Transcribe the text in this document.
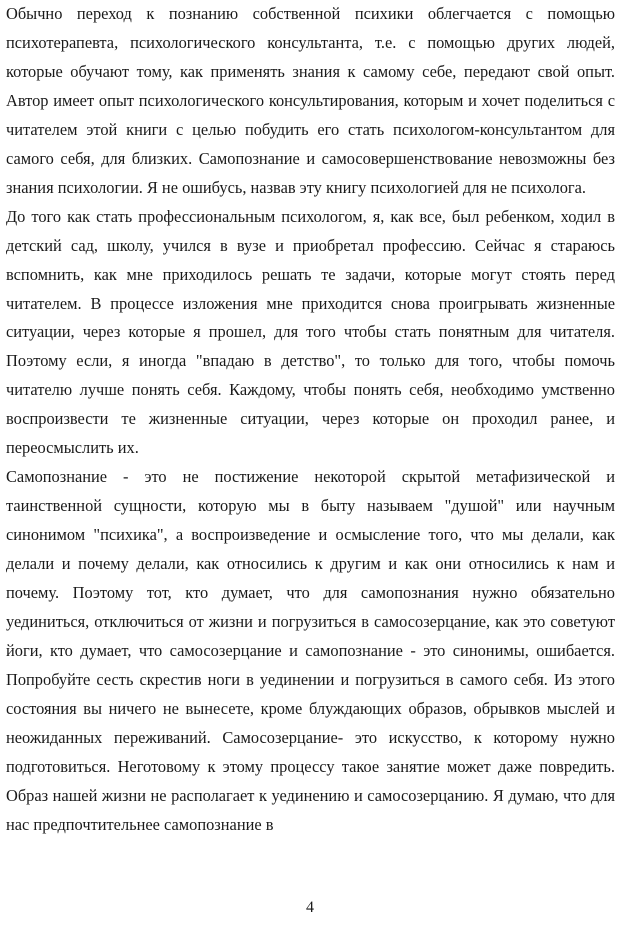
Обычно переход к познанию собственной психики облегчается с помощью психотерапевта, психологического консультанта, т.е. с помощью других людей, которые обучают тому, как применять знания к самому себе, передают свой опыт. Автор имеет опыт психологического консультирования, которым и хочет поделиться с читателем этой книги с целью побудить его стать психологом-консультантом для самого себя, для близких. Самопознание и самосовершенствование невозможны без знания психологии. Я не ошибусь, назвав эту книгу психологией для не психолога.

До того как стать профессиональным психологом, я, как все, был ребенком, ходил в детский сад, школу, учился в вузе и приобретал профессию. Сейчас я стараюсь вспомнить, как мне приходилось решать те задачи, которые могут стоять перед читателем. В процессе изложения мне приходится снова проигрывать жизненные ситуации, через которые я прошел, для того чтобы стать понятным для читателя. Поэтому если, я иногда "впадаю в детство", то только для того, чтобы помочь читателю лучше понять себя. Каждому, чтобы понять себя, необходимо умственно воспроизвести те жизненные ситуации, через которые он проходил ранее, и переосмыслить их.

Самопознание - это не постижение некоторой скрытой метафизической и таинственной сущности, которую мы в быту называем "душой" или научным синонимом "психика", а воспроизведение и осмысление того, что мы делали, как делали и почему делали, как относились к другим и как они относились к нам и почему. Поэтому тот, кто думает, что для самопознания нужно обязательно уединиться, отключиться от жизни и погрузиться в самосозерцание, как это советуют йоги, кто думает, что самосозерцание и самопознание - это синонимы, ошибается. Попробуйте сесть скрестив ноги в уединении и погрузиться в самого себя. Из этого состояния вы ничего не вынесете, кроме блуждающих образов, обрывков мыслей и неожиданных переживаний. Самосозерцание- это искусство, к которому нужно подготовиться. Неготовому к этому процессу такое занятие может даже повредить. Образ нашей жизни не располагает к уединению и самосозерцанию. Я думаю, что для нас предпочтительнее самопознание в

4
